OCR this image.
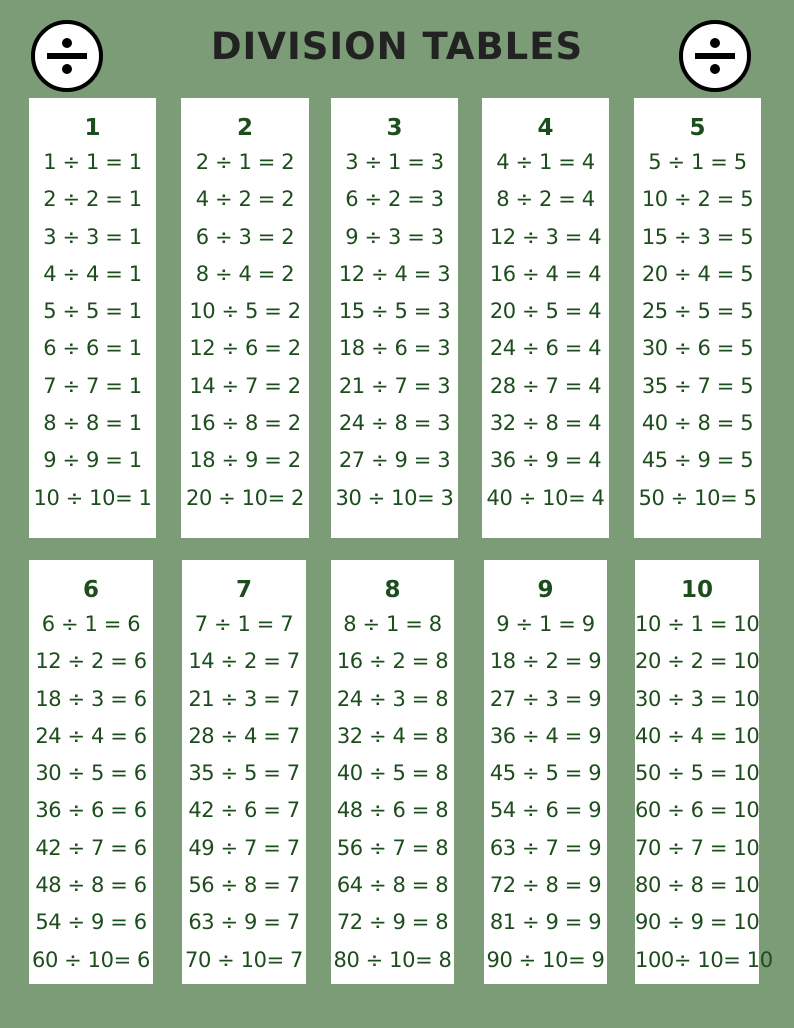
DIVISION TABLES
1
1 ÷ 1 = 1
2 ÷ 2 = 1
3 ÷ 3 = 1
4 ÷ 4 = 1
5 ÷ 5 = 1
6 ÷ 6 = 1
7 ÷ 7 = 1
8 ÷ 8 = 1
9 ÷ 9 = 1
10 ÷ 10= 1
2
2 ÷ 1 = 2
4 ÷ 2 = 2
6 ÷ 3 = 2
8 ÷ 4 = 2
10 ÷ 5 = 2
12 ÷ 6 = 2
14 ÷ 7 = 2
16 ÷ 8 = 2
18 ÷ 9 = 2
20 ÷ 10= 2
3
3 ÷ 1 = 3
6 ÷ 2 = 3
9 ÷ 3 = 3
12 ÷ 4 = 3
15 ÷ 5 = 3
18 ÷ 6 = 3
21 ÷ 7 = 3
24 ÷ 8 = 3
27 ÷ 9 = 3
30 ÷ 10= 3
4
4 ÷ 1 = 4
8 ÷ 2 = 4
12 ÷ 3 = 4
16 ÷ 4 = 4
20 ÷ 5 = 4
24 ÷ 6 = 4
28 ÷ 7 = 4
32 ÷ 8 = 4
36 ÷ 9 = 4
40 ÷ 10= 4
5
5 ÷ 1 = 5
10 ÷ 2 = 5
15 ÷ 3 = 5
20 ÷ 4 = 5
25 ÷ 5 = 5
30 ÷ 6 = 5
35 ÷ 7 = 5
40 ÷ 8 = 5
45 ÷ 9 = 5
50 ÷ 10= 5
6
6 ÷ 1 = 6
12 ÷ 2 = 6
18 ÷ 3 = 6
24 ÷ 4 = 6
30 ÷ 5 = 6
36 ÷ 6 = 6
42 ÷ 7 = 6
48 ÷ 8 = 6
54 ÷ 9 = 6
60 ÷ 10= 6
7
7 ÷ 1 = 7
14 ÷ 2 = 7
21 ÷ 3 = 7
28 ÷ 4 = 7
35 ÷ 5 = 7
42 ÷ 6 = 7
49 ÷ 7 = 7
56 ÷ 8 = 7
63 ÷ 9 = 7
70 ÷ 10= 7
8
8 ÷ 1 = 8
16 ÷ 2 = 8
24 ÷ 3 = 8
32 ÷ 4 = 8
40 ÷ 5 = 8
48 ÷ 6 = 8
56 ÷ 7 = 8
64 ÷ 8 = 8
72 ÷ 9 = 8
80 ÷ 10= 8
9
9 ÷ 1 = 9
18 ÷ 2 = 9
27 ÷ 3 = 9
36 ÷ 4 = 9
45 ÷ 5 = 9
54 ÷ 6 = 9
63 ÷ 7 = 9
72 ÷ 8 = 9
81 ÷ 9 = 9
90 ÷ 10= 9
10
10 ÷ 1 = 10
20 ÷ 2 = 10
30 ÷ 3 = 10
40 ÷ 4 = 10
50 ÷ 5 = 10
60 ÷ 6 = 10
70 ÷ 7 = 10
80 ÷ 8 = 10
90 ÷ 9 = 10
100÷ 10= 10
